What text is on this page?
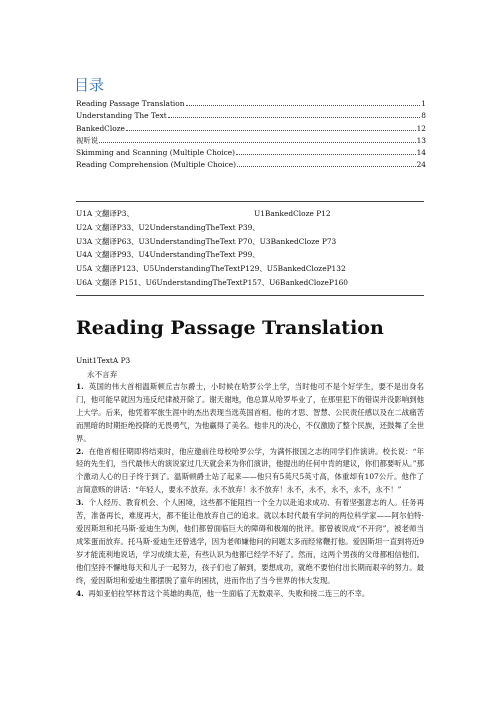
目录
Reading Passage Translation	1
Understanding The Text	8
BankedCloze	12
视听说	13
Skimming and Scanning (Multiple Choice)	14
Reading Comprehension (Multiple Choice)	24
U1A 文翻译P3、	U1BankedCloze P12
U2A 文翻译P33、U2UnderstandingTheText P39、
U3A 文翻译P63、U3UnderstandingTheText P70、U3BankedCloze P73
U4A 文翻译P93、U4UnderstandingTheText P99、
U5A 文翻译P123、U5UnderstandingTheTextP129、U5BankedClozeP132
U6A 文翻译 P151、U6UnderstandingTheTextP157、U6BankedClozeP160
Reading Passage Translation
Unit1TextA P3
永不言弃

1. 英国的伟大首相温斯顿丘吉尔爵士，小时候在哈罗公学上学，当时他可不是个好学生，要不是出身名门，他可能早就因为违反纪律被开除了。谢天谢地，他总算从哈罗毕业了，在那里犯下的错误并没影响到他上大学。后来，他凭着军旅生涯中的杰出表现当选英国首相。他的才思、智慧、公民责任感以及在二战痛苦而黑暗的时期拒绝投降的无畏勇气，为他赢得了美名。他非凡的决心，不仅激励了整个民族，还鼓舞了全世界。

2. 在他首相任期即将结束时，他应邀前往母校哈罗公学，为满怀报国之志的同学们作演讲。校长说：“年轻的先生们，当代最伟大的演说家过几天就会来为你们演讲，他提出的任何中肯的建议，你们都要听从。”那个激动人心的日子终于到了。温斯顿爵士站了起来——他只有5英尺5英寸高，体重却有107公斤。他作了言简意赅的讲话：“年轻人，要永不放弃。永不放弃！永不放弃！永不，永不，永不，永不，永不！”

3. 个人经历、教育机会、个人困境，这些都不能阻挡一个全力以赴追求成功、有着坚强意志的人。任务再苦，准备再长，难度再大，都不能让他放弃自己的追求。就以本时代最有学问的两位科学家——阿尔伯特·爱因斯坦和托马斯·爱迪生为例，他们都曾面临巨大的障碍和极端的批评。都曾被说成“不开窍”，被老师当成笨蛋而放弃。托马斯·爱迪生还曾逃学，因为老师嫌他问的问题太多而经常鞭打他。爱因斯坦一直到将近9岁才能流利地说话，学习成绩太差，有些认识为他都已经学不好了。然而，这两个男孩的父母都相信他们。他们坚持不懈地每天和儿子一起努力，孩子们也了解到，要想成功，就绝不要怕付出长期而艰辛的努力。最终，爱因斯坦和爱迪生都摆脱了童年的困扰，进而作出了当今世界的伟大发现。

4. 再如亚伯拉罕林肯这个英雄的典范，他一生面临了无数艰辛、失败和接二连三的不幸。
